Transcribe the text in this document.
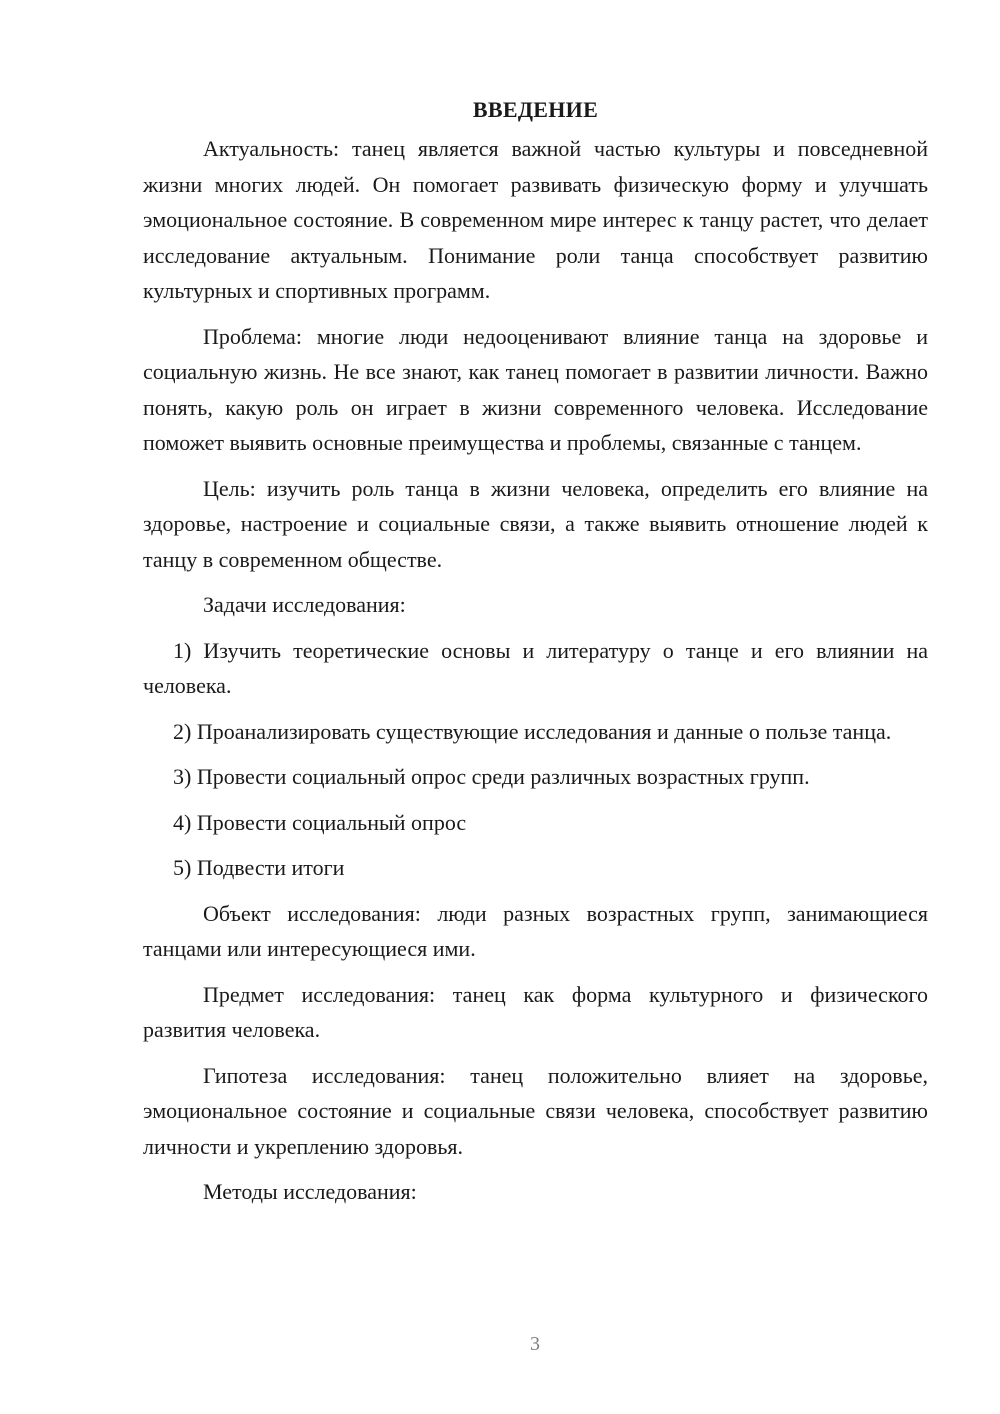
ВВЕДЕНИЕ

Актуальность: танец является важной частью культуры и повседневной жизни многих людей. Он помогает развивать физическую форму и улучшать эмоциональное состояние. В современном мире интерес к танцу растет, что делает исследование актуальным. Понимание роли танца способствует развитию культурных и спортивных программ.

Проблема: многие люди недооценивают влияние танца на здоровье и социальную жизнь. Не все знают, как танец помогает в развитии личности. Важно понять, какую роль он играет в жизни современного человека. Исследование поможет выявить основные преимущества и проблемы, связанные с танцем.

Цель: изучить роль танца в жизни человека, определить его влияние на здоровье, настроение и социальные связи, а также выявить отношение людей к танцу в современном обществе.

Задачи исследования:

1) Изучить теоретические основы и литературу о танце и его влиянии на человека.

2) Проанализировать существующие исследования и данные о пользе танца.

3) Провести социальный опрос среди различных возрастных групп.

4) Провести социальный опрос

5) Подвести итоги

Объект исследования: люди разных возрастных групп, занимающиеся танцами или интересующиеся ими.

Предмет исследования: танец как форма культурного и физического развития человека.

Гипотеза исследования: танец положительно влияет на здоровье, эмоциональное состояние и социальные связи человека, способствует развитию личности и укреплению здоровья.

Методы исследования:

3
